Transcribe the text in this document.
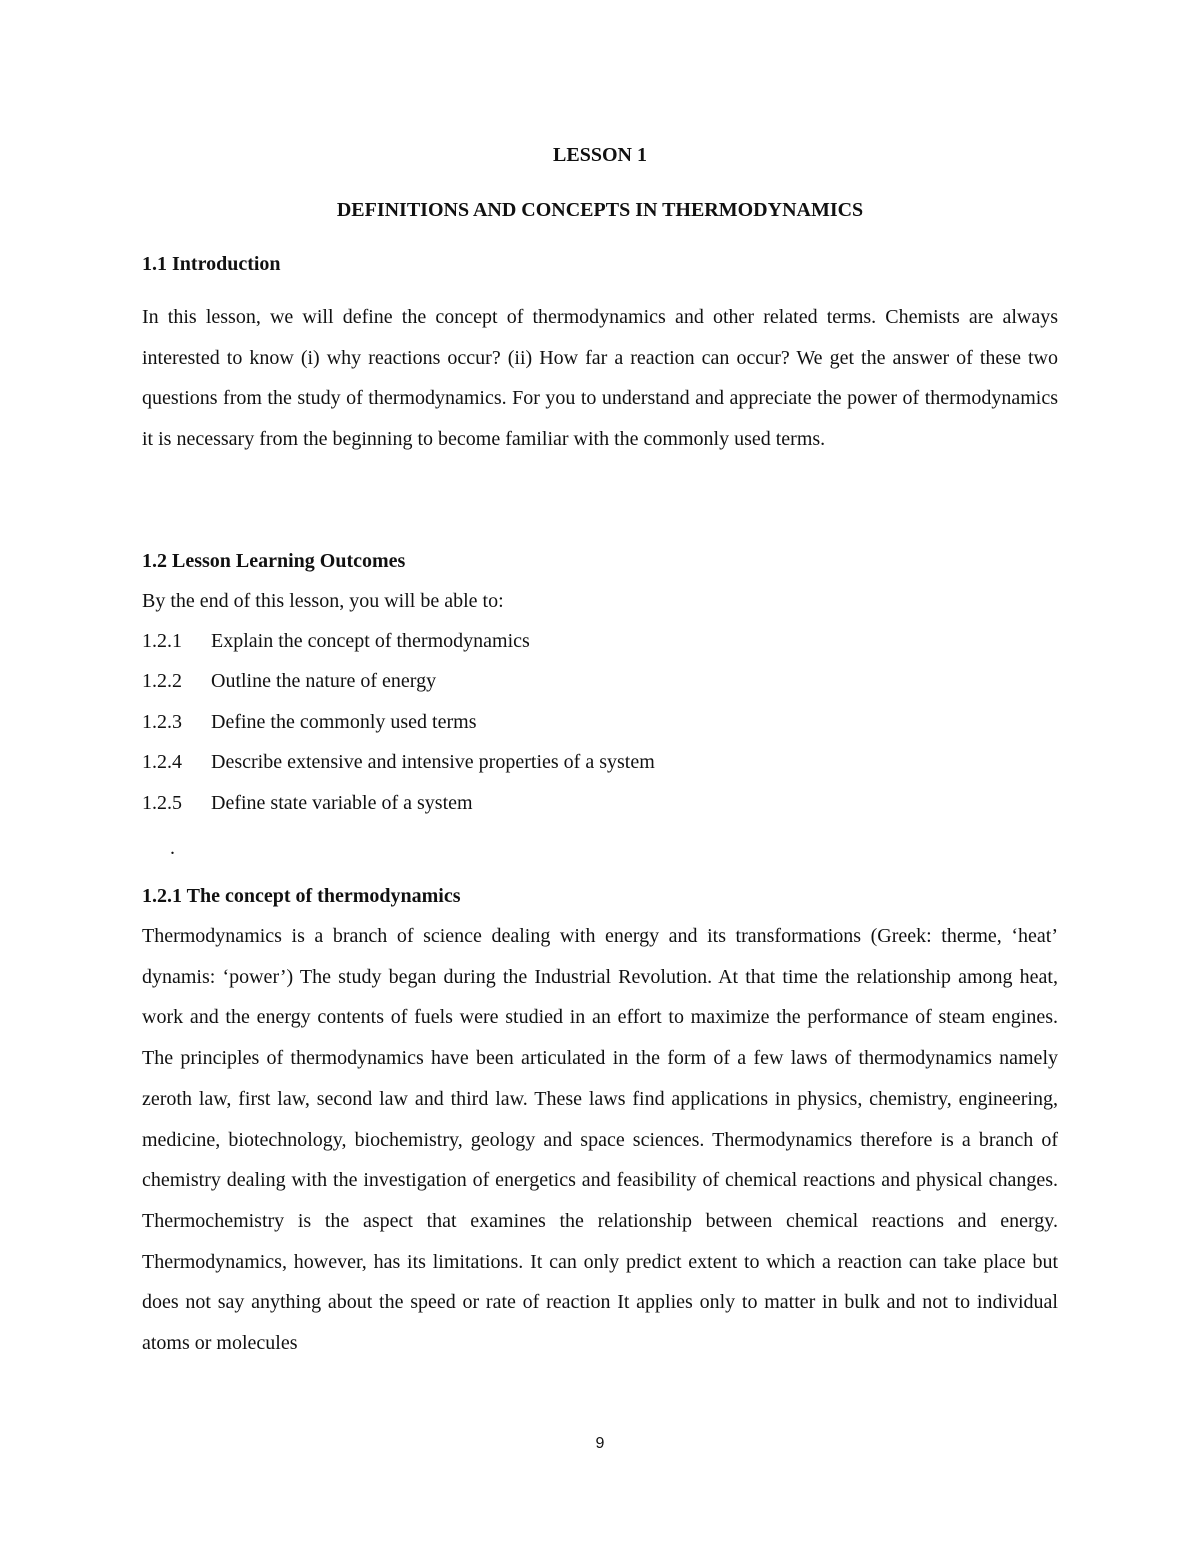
LESSON 1
DEFINITIONS AND CONCEPTS IN THERMODYNAMICS
1.1 Introduction

In this lesson, we will define the concept of thermodynamics and other related terms. Chemists are always interested to know (i) why reactions occur? (ii) How far a reaction can occur? We get the answer of these two questions from the study of thermodynamics. For you to understand and appreciate the power of thermodynamics it is necessary from the beginning to become familiar with the commonly used terms.

1.2 Lesson Learning Outcomes
By the end of this lesson, you will be able to:
1.2.1	Explain the concept of thermodynamics
1.2.2	Outline the nature of energy
1.2.3	Define the commonly used terms
1.2.4	Describe extensive and intensive properties of a system
1.2.5	Define state variable of a system
.
1.2.1 The concept of thermodynamics

Thermodynamics is a branch of science dealing with energy and its transformations (Greek: therme, ‘heat’ dynamis: ‘power’) The study began during the Industrial Revolution. At that time the relationship among heat, work and the energy contents of fuels were studied in an effort to maximize the performance of steam engines. The principles of thermodynamics have been articulated in the form of a few laws of thermodynamics namely zeroth law, first law, second law and third law. These laws find applications in physics, chemistry, engineering, medicine, biotechnology, biochemistry, geology and space sciences. Thermodynamics therefore is a branch of chemistry dealing with the investigation of energetics and feasibility of chemical reactions and physical changes. Thermochemistry is the aspect that examines the relationship between chemical reactions and energy. Thermodynamics, however, has its limitations. It can only predict extent to which a reaction can take place but does not say anything about the speed or rate of reaction It applies only to matter in bulk and not to individual atoms or molecules

9
